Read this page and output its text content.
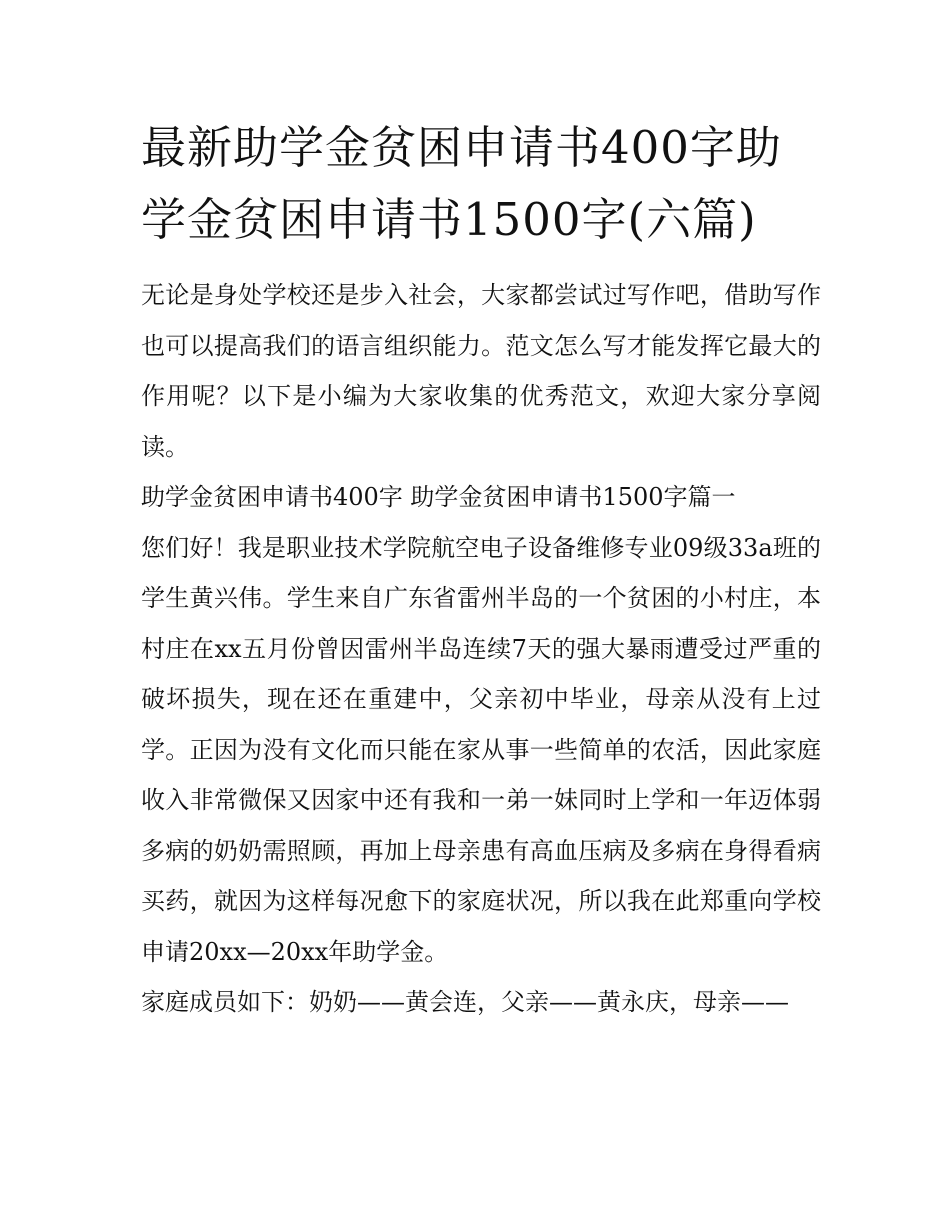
最新助学金贫困申请书400字助学金贫困申请书1500字(六篇)

无论是身处学校还是步入社会，大家都尝试过写作吧，借助写作也可以提高我们的语言组织能力。范文怎么写才能发挥它最大的作用呢？以下是小编为大家收集的优秀范文，欢迎大家分享阅读。

助学金贫困申请书400字 助学金贫困申请书1500字篇一

您们好！我是职业技术学院航空电子设备维修专业09级33a班的学生黄兴伟。学生来自广东省雷州半岛的一个贫困的小村庄，本村庄在xx五月份曾因雷州半岛连续7天的强大暴雨遭受过严重的破坏损失，现在还在重建中，父亲初中毕业，母亲从没有上过学。正因为没有文化而只能在家从事一些简单的农活，因此家庭收入非常微保又因家中还有我和一弟一妹同时上学和一年迈体弱多病的奶奶需照顾，再加上母亲患有高血压病及多病在身得看病买药，就因为这样每况愈下的家庭状况，所以我在此郑重向学校申请20xx—20xx年助学金。

家庭成员如下：奶奶——黄会连，父亲——黄永庆，母亲——
